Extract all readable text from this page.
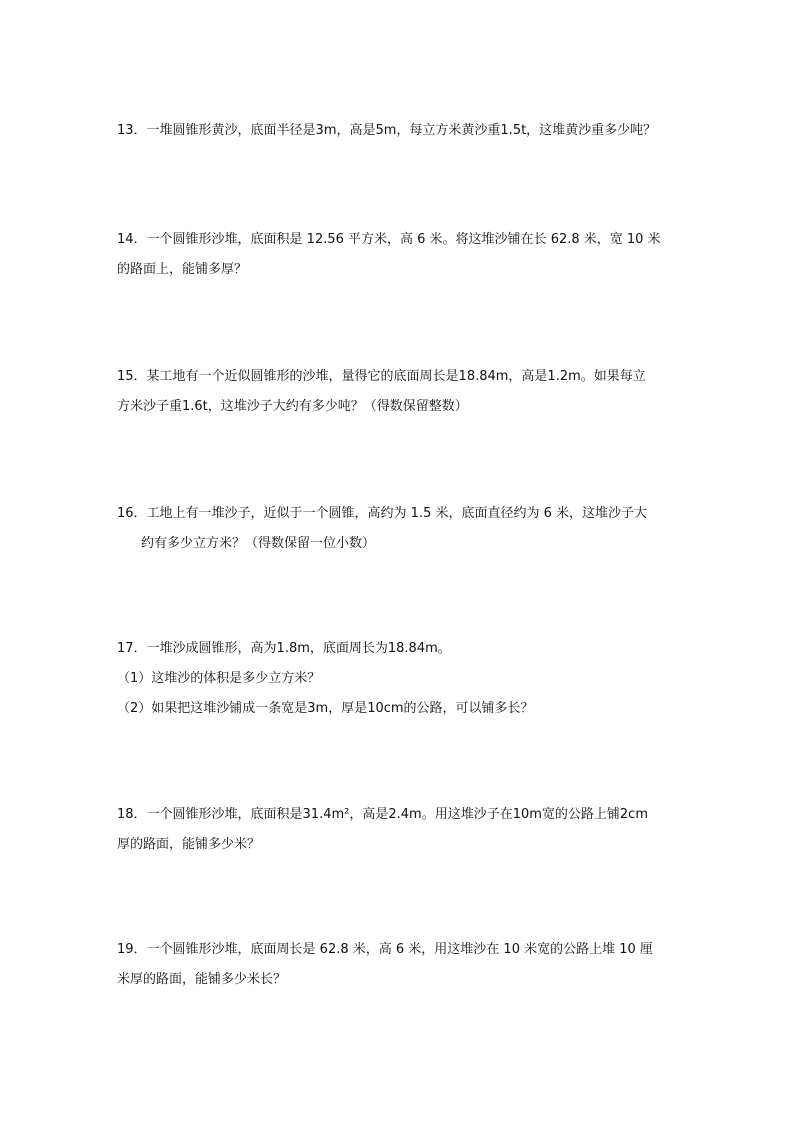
13．一堆圆锥形黄沙，底面半径是3m，高是5m，每立方米黄沙重1.5t，这堆黄沙重多少吨？
14．一个圆锥形沙堆，底面积是 12.56 平方米，高 6 米。将这堆沙铺在长 62.8 米，宽 10 米
的路面上，能铺多厚？
15．某工地有一个近似圆锥形的沙堆，量得它的底面周长是18.84m，高是1.2m。如果每立
方米沙子重1.6t，这堆沙子大约有多少吨？（得数保留整数）
16．工地上有一堆沙子，近似于一个圆锥，高约为 1.5 米，底面直径约为 6 米，这堆沙子大
约有多少立方米？（得数保留一位小数）
17．一堆沙成圆锥形，高为1.8m，底面周长为18.84m。
（1）这堆沙的体积是多少立方米？
（2）如果把这堆沙铺成一条宽是3m，厚是10cm的公路，可以铺多长？
18．一个圆锥形沙堆，底面积是31.4m²，高是2.4m。用这堆沙子在10m宽的公路上铺2cm
厚的路面，能铺多少米？
19．一个圆锥形沙堆，底面周长是 62.8 米，高 6 米，用这堆沙在 10 米宽的公路上堆 10 厘
米厚的路面，能铺多少米长？
